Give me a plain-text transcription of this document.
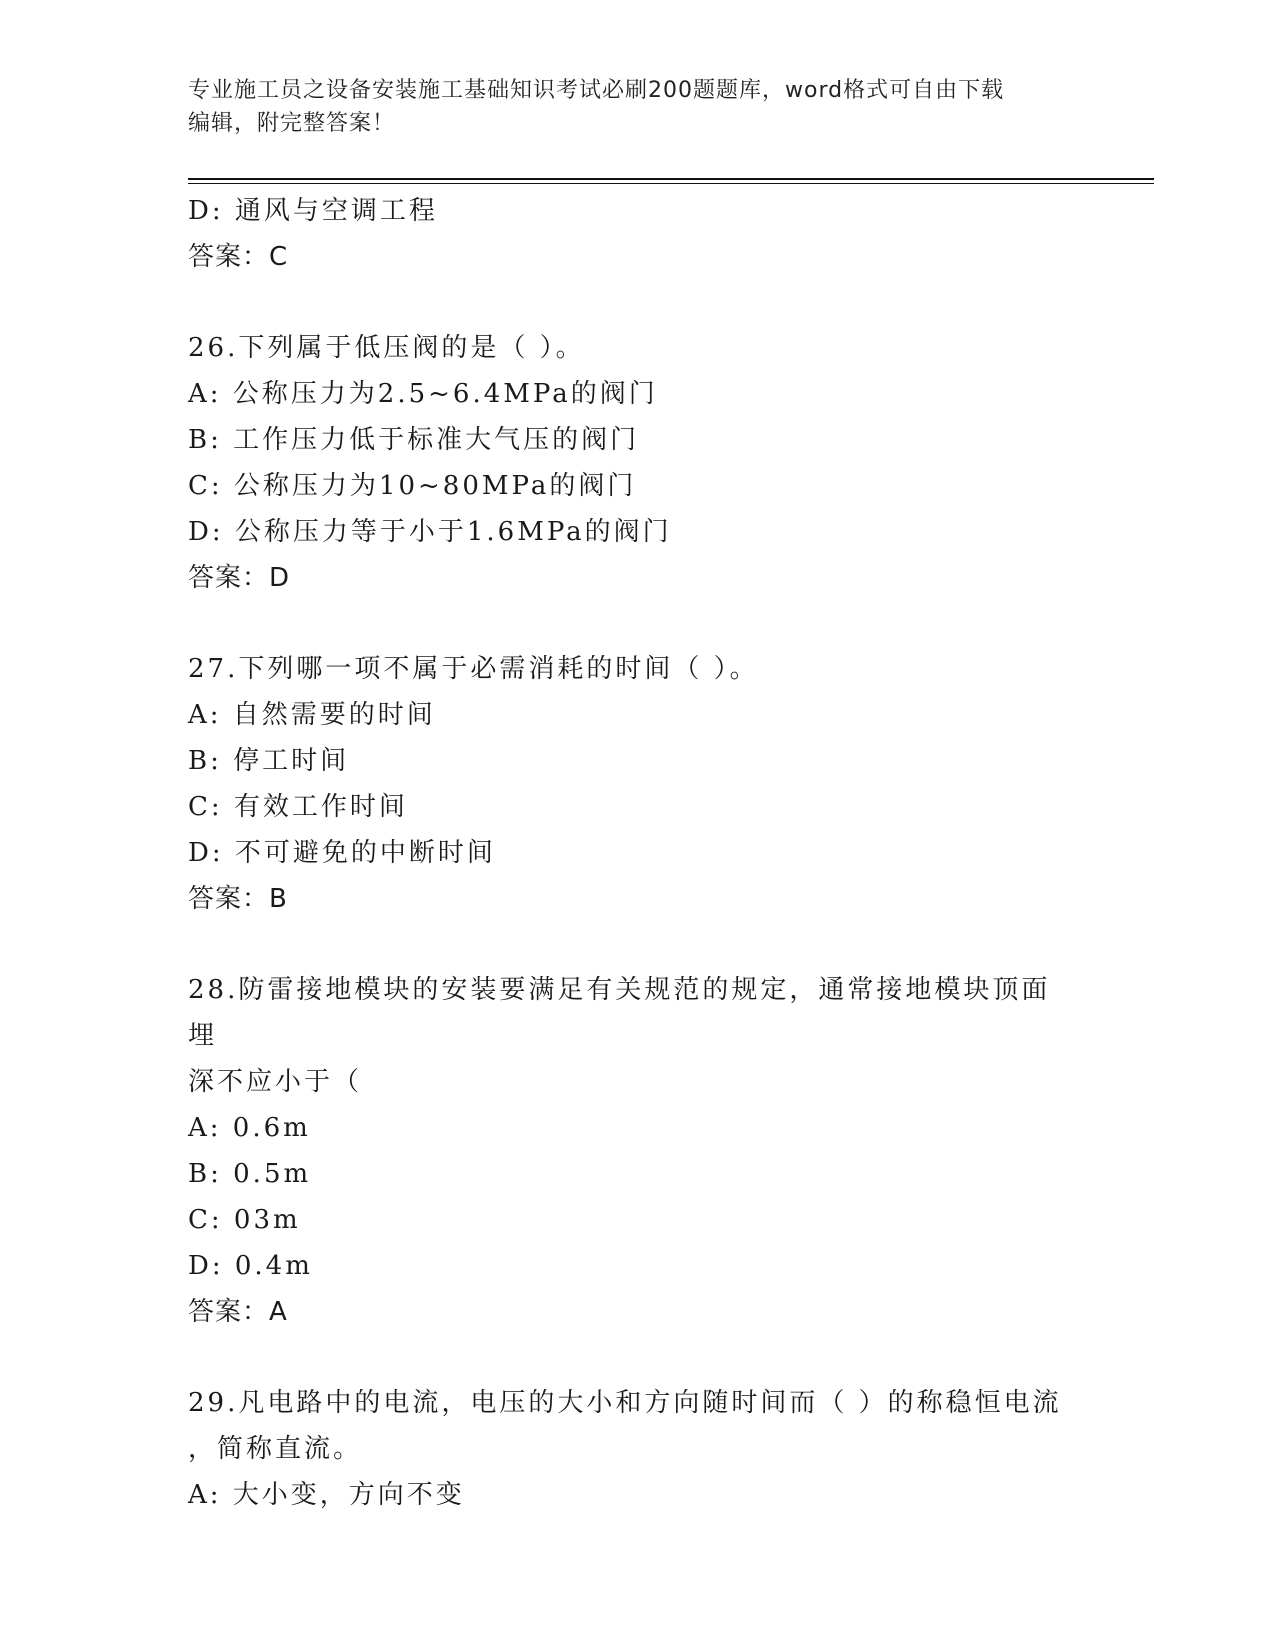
专业施工员之设备安装施工基础知识考试必刷200题题库，word格式可自由下载
编辑，附完整答案！
D: 通风与空调工程
答案：C
26.下列属于低压阀的是（ ）。
A: 公称压力为2.5~6.4MPa的阀门
B: 工作压力低于标准大气压的阀门
C: 公称压力为10~80MPa的阀门
D: 公称压力等于小于1.6MPa的阀门
答案：D
27.下列哪一项不属于必需消耗的时间（ ）。
A: 自然需要的时间
B: 停工时间
C: 有效工作时间
D: 不可避免的中断时间
答案：B
28.防雷接地模块的安装要满足有关规范的规定，通常接地模块顶面埋
深不应小于（
A: 0.6m
B: 0.5m
C: 03m
D: 0.4m
答案：A
29.凡电路中的电流，电压的大小和方向随时间而（ ）的称稳恒电流
，简称直流。
A: 大小变，方向不变
